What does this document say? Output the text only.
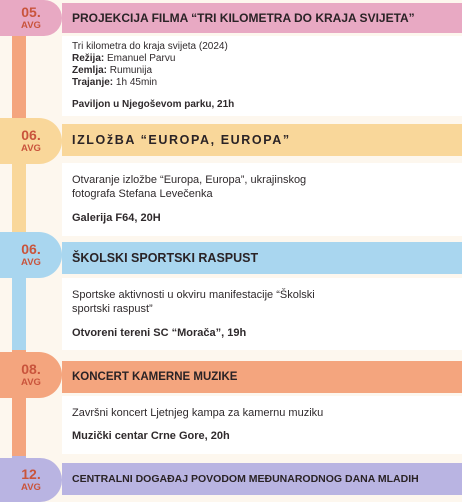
05.
AVG
PROJEKCIJA FILMA “TRI KILOMETRA DO KRAJA SVIJETA”
Tri kilometra do kraja svijeta (2024)
Režija: Emanuel Parvu
Zemlja: Rumunija
Trajanje: 1h 45min
Paviljon u Njegoševom parku, 21h
06.
AVG
IZLOžBA “EUROPA, EUROPA”
Otvaranje izložbe “Europa, Europa”, ukrajinskog
fotografa Stefana Levečenka
Galerija F64, 20H
06.
AVG ŠKOLSKI SPORTSKI RASPUST
Sportske aktivnosti u okviru manifestacije “Školski
sportski raspust”
Otvoreni tereni SC “Morača”, 19h
08.
AVG	KONCERT KAMERNE MUZIKE
Završni koncert Ljetnjeg kampa za kamernu muziku
Muzički centar Crne Gore, 20h
12.
AVG
CENTRALNI DOGAĐAJ POVODOM MEĐUNARODNOG DANA MLADIH
